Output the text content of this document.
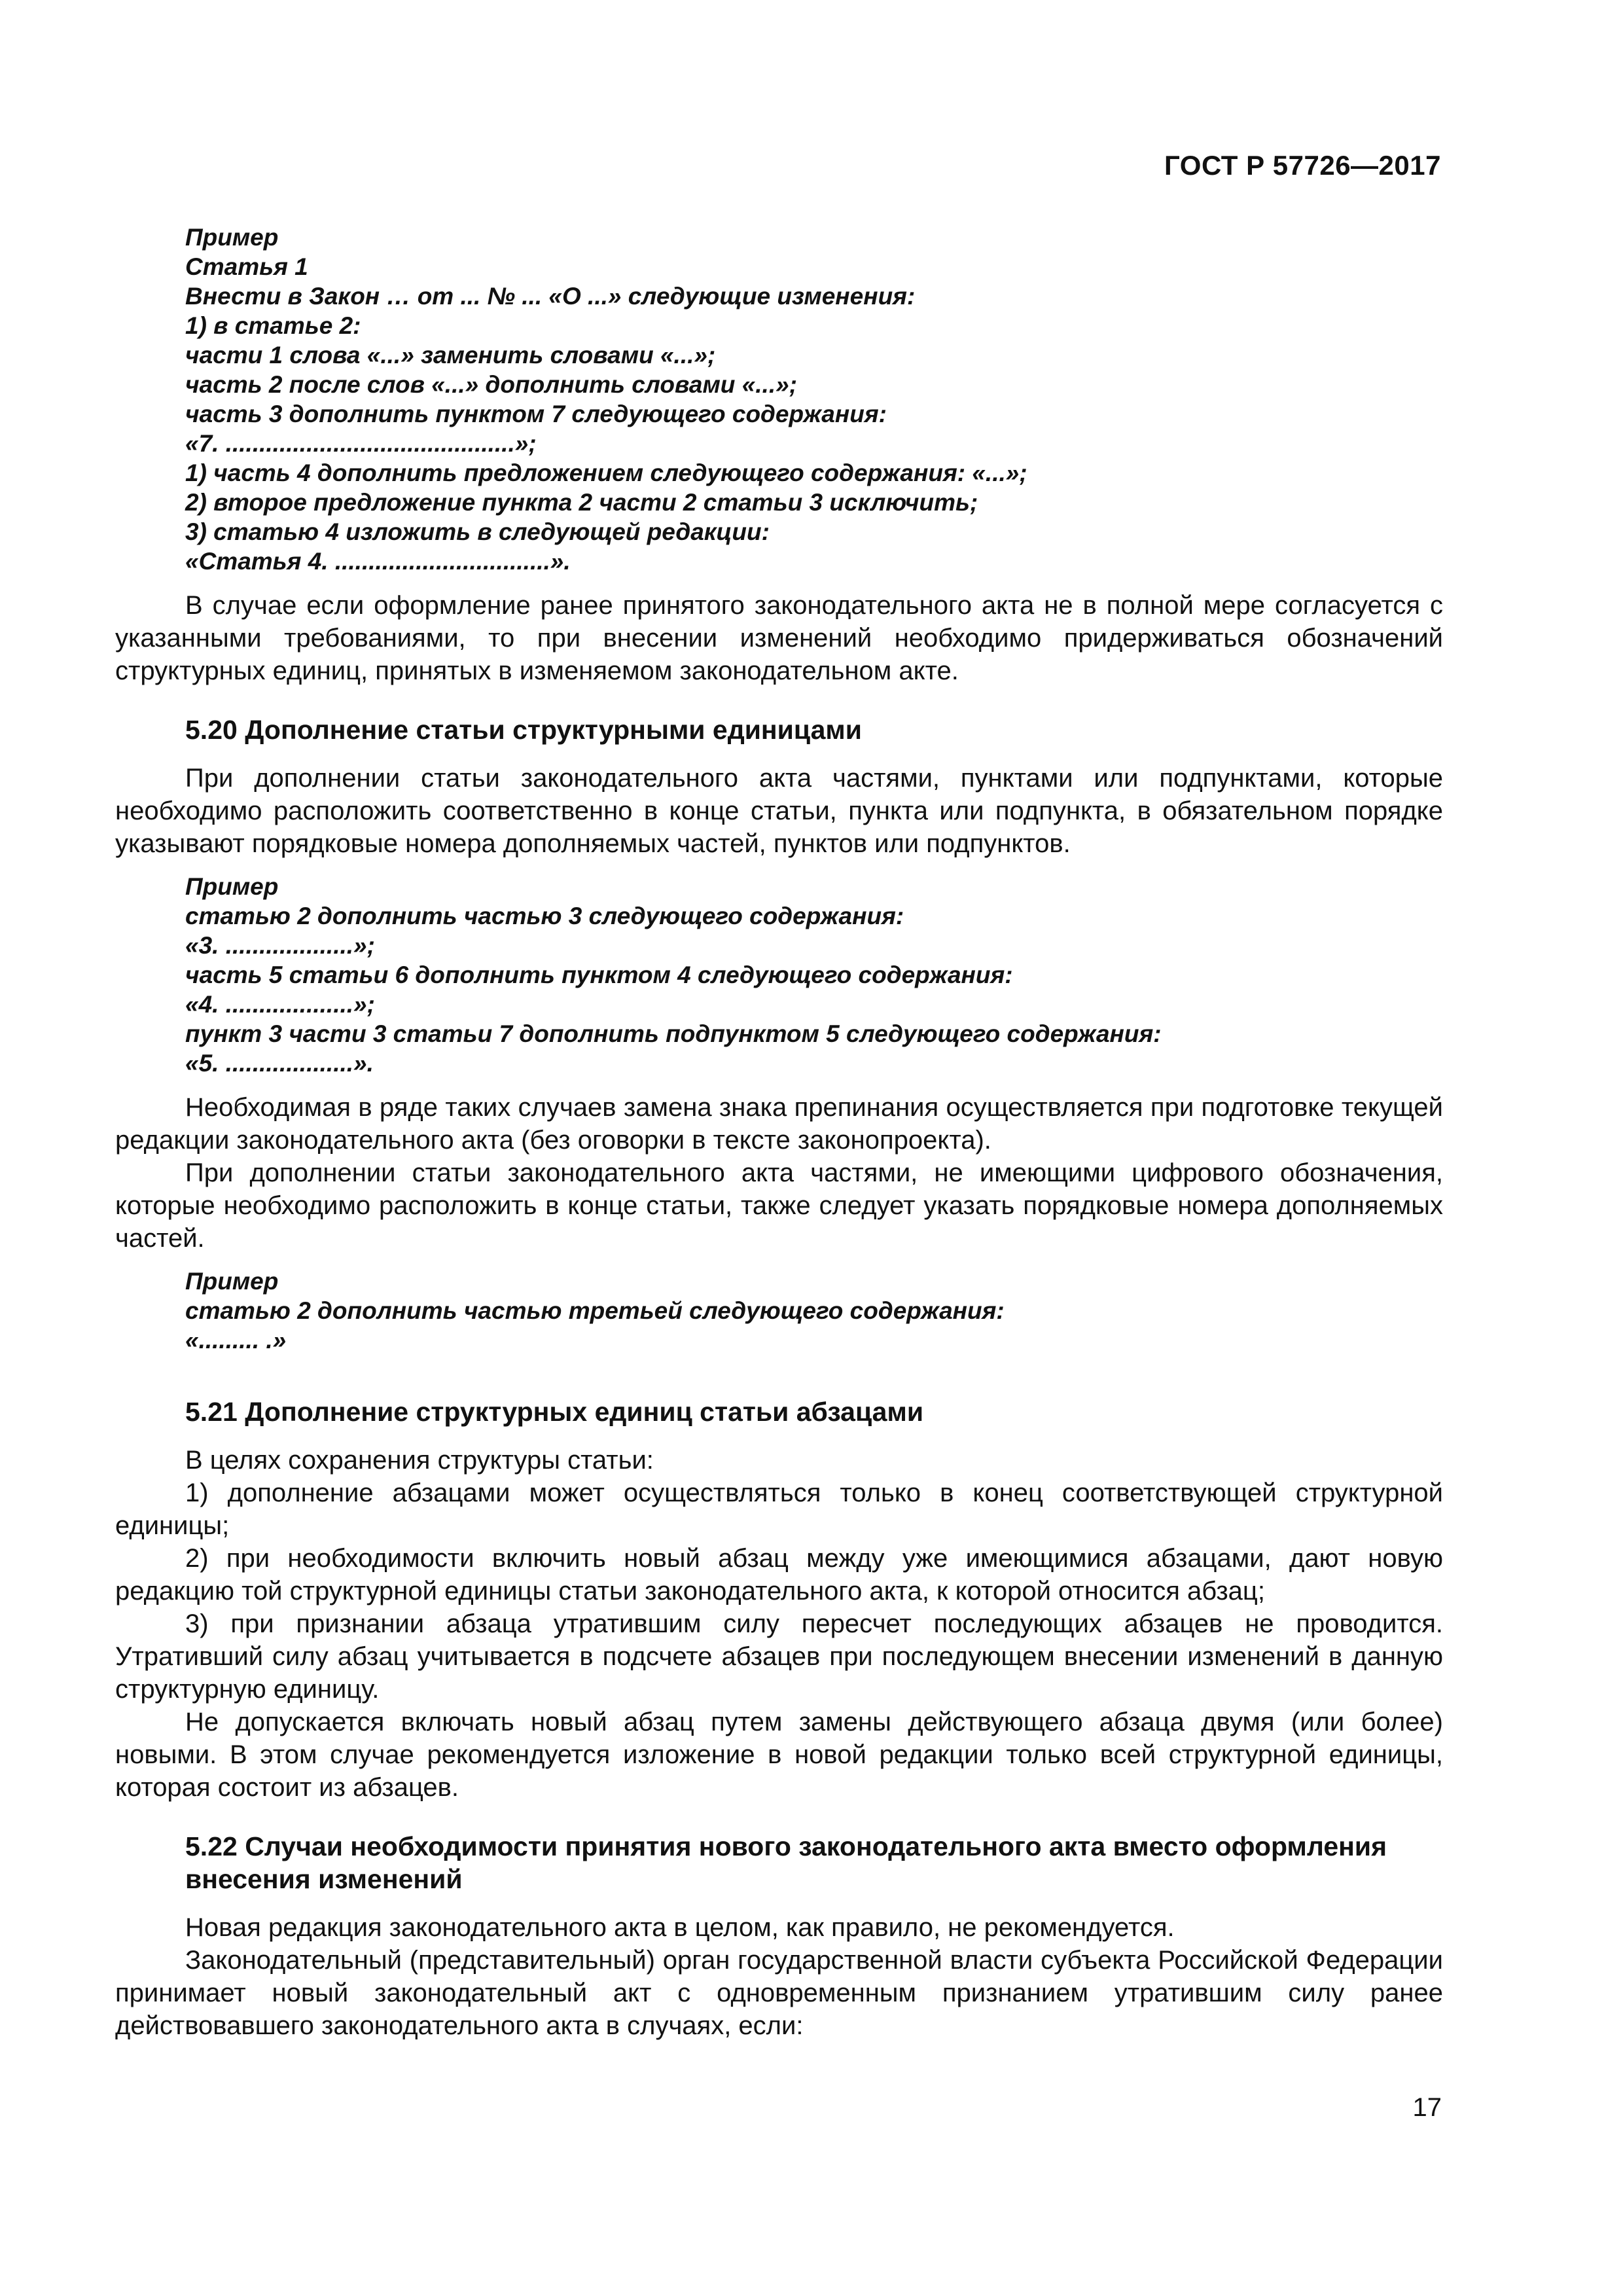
ГОСТ Р 57726—2017
Пример
Статья 1
Внести в Закон … от ... № ... «О ...» следующие изменения:
1) в статье 2:
части 1 слова «...» заменить словами «...»;
часть 2 после слов «...» дополнить словами «...»;
часть 3 дополнить пунктом 7 следующего содержания:
«7. ...........................................»;
1) часть 4 дополнить предложением следующего содержания: «...»;
2) второе предложение пункта 2 части 2 статьи 3 исключить;
3) статью 4 изложить в следующей редакции:
«Статья 4. ................................».

В случае если оформление ранее принятого законодательного акта не в полной мере согласуется с указанными требованиями, то при внесении изменений необходимо придерживаться обозначений структурных единиц, принятых в изменяемом законодательном акте.

5.20 Дополнение статьи структурными единицами

При дополнении статьи законодательного акта частями, пунктами или подпунктами, которые необходимо расположить соответственно в конце статьи, пункта или подпункта, в обязательном порядке указывают порядковые номера дополняемых частей, пунктов или подпунктов.

Пример
статью 2 дополнить частью 3 следующего содержания:
«3. ...................»;
часть 5 статьи 6 дополнить пунктом 4 следующего содержания:
«4. ...................»;
пункт 3 части 3 статьи 7 дополнить подпунктом 5 следующего содержания:
«5. ...................».

Необходимая в ряде таких случаев замена знака препинания осуществляется при подготовке текущей редакции законодательного акта (без оговорки в тексте законопроекта).

При дополнении статьи законодательного акта частями, не имеющими цифрового обозначения, которые необходимо расположить в конце статьи, также следует указать порядковые номера дополняемых частей.

Пример
статью 2 дополнить частью третьей следующего содержания:
«......... .»
5.21 Дополнение структурных единиц статьи абзацами

В целях сохранения структуры статьи:

1) дополнение абзацами может осуществляться только в конец соответствующей структурной единицы;

2) при необходимости включить новый абзац между уже имеющимися абзацами, дают новую редакцию той структурной единицы статьи законодательного акта, к которой относится абзац;

3) при признании абзаца утратившим силу пересчет последующих абзацев не проводится. Утративший силу абзац учитывается в подсчете абзацев при последующем внесении изменений в данную структурную единицу.

Не допускается включать новый абзац путем замены действующего абзаца двумя (или более) новыми. В этом случае рекомендуется изложение в новой редакции только всей структурной единицы, которая состоит из абзацев.

5.22 Случаи необходимости принятия нового законодательного акта вместо оформления внесения изменений

Новая редакция законодательного акта в целом, как правило, не рекомендуется.

Законодательный (представительный) орган государственной власти субъекта Российской Федерации принимает новый законодательный акт с одновременным признанием утратившим силу ранее действовавшего законодательного акта в случаях, если:

17
